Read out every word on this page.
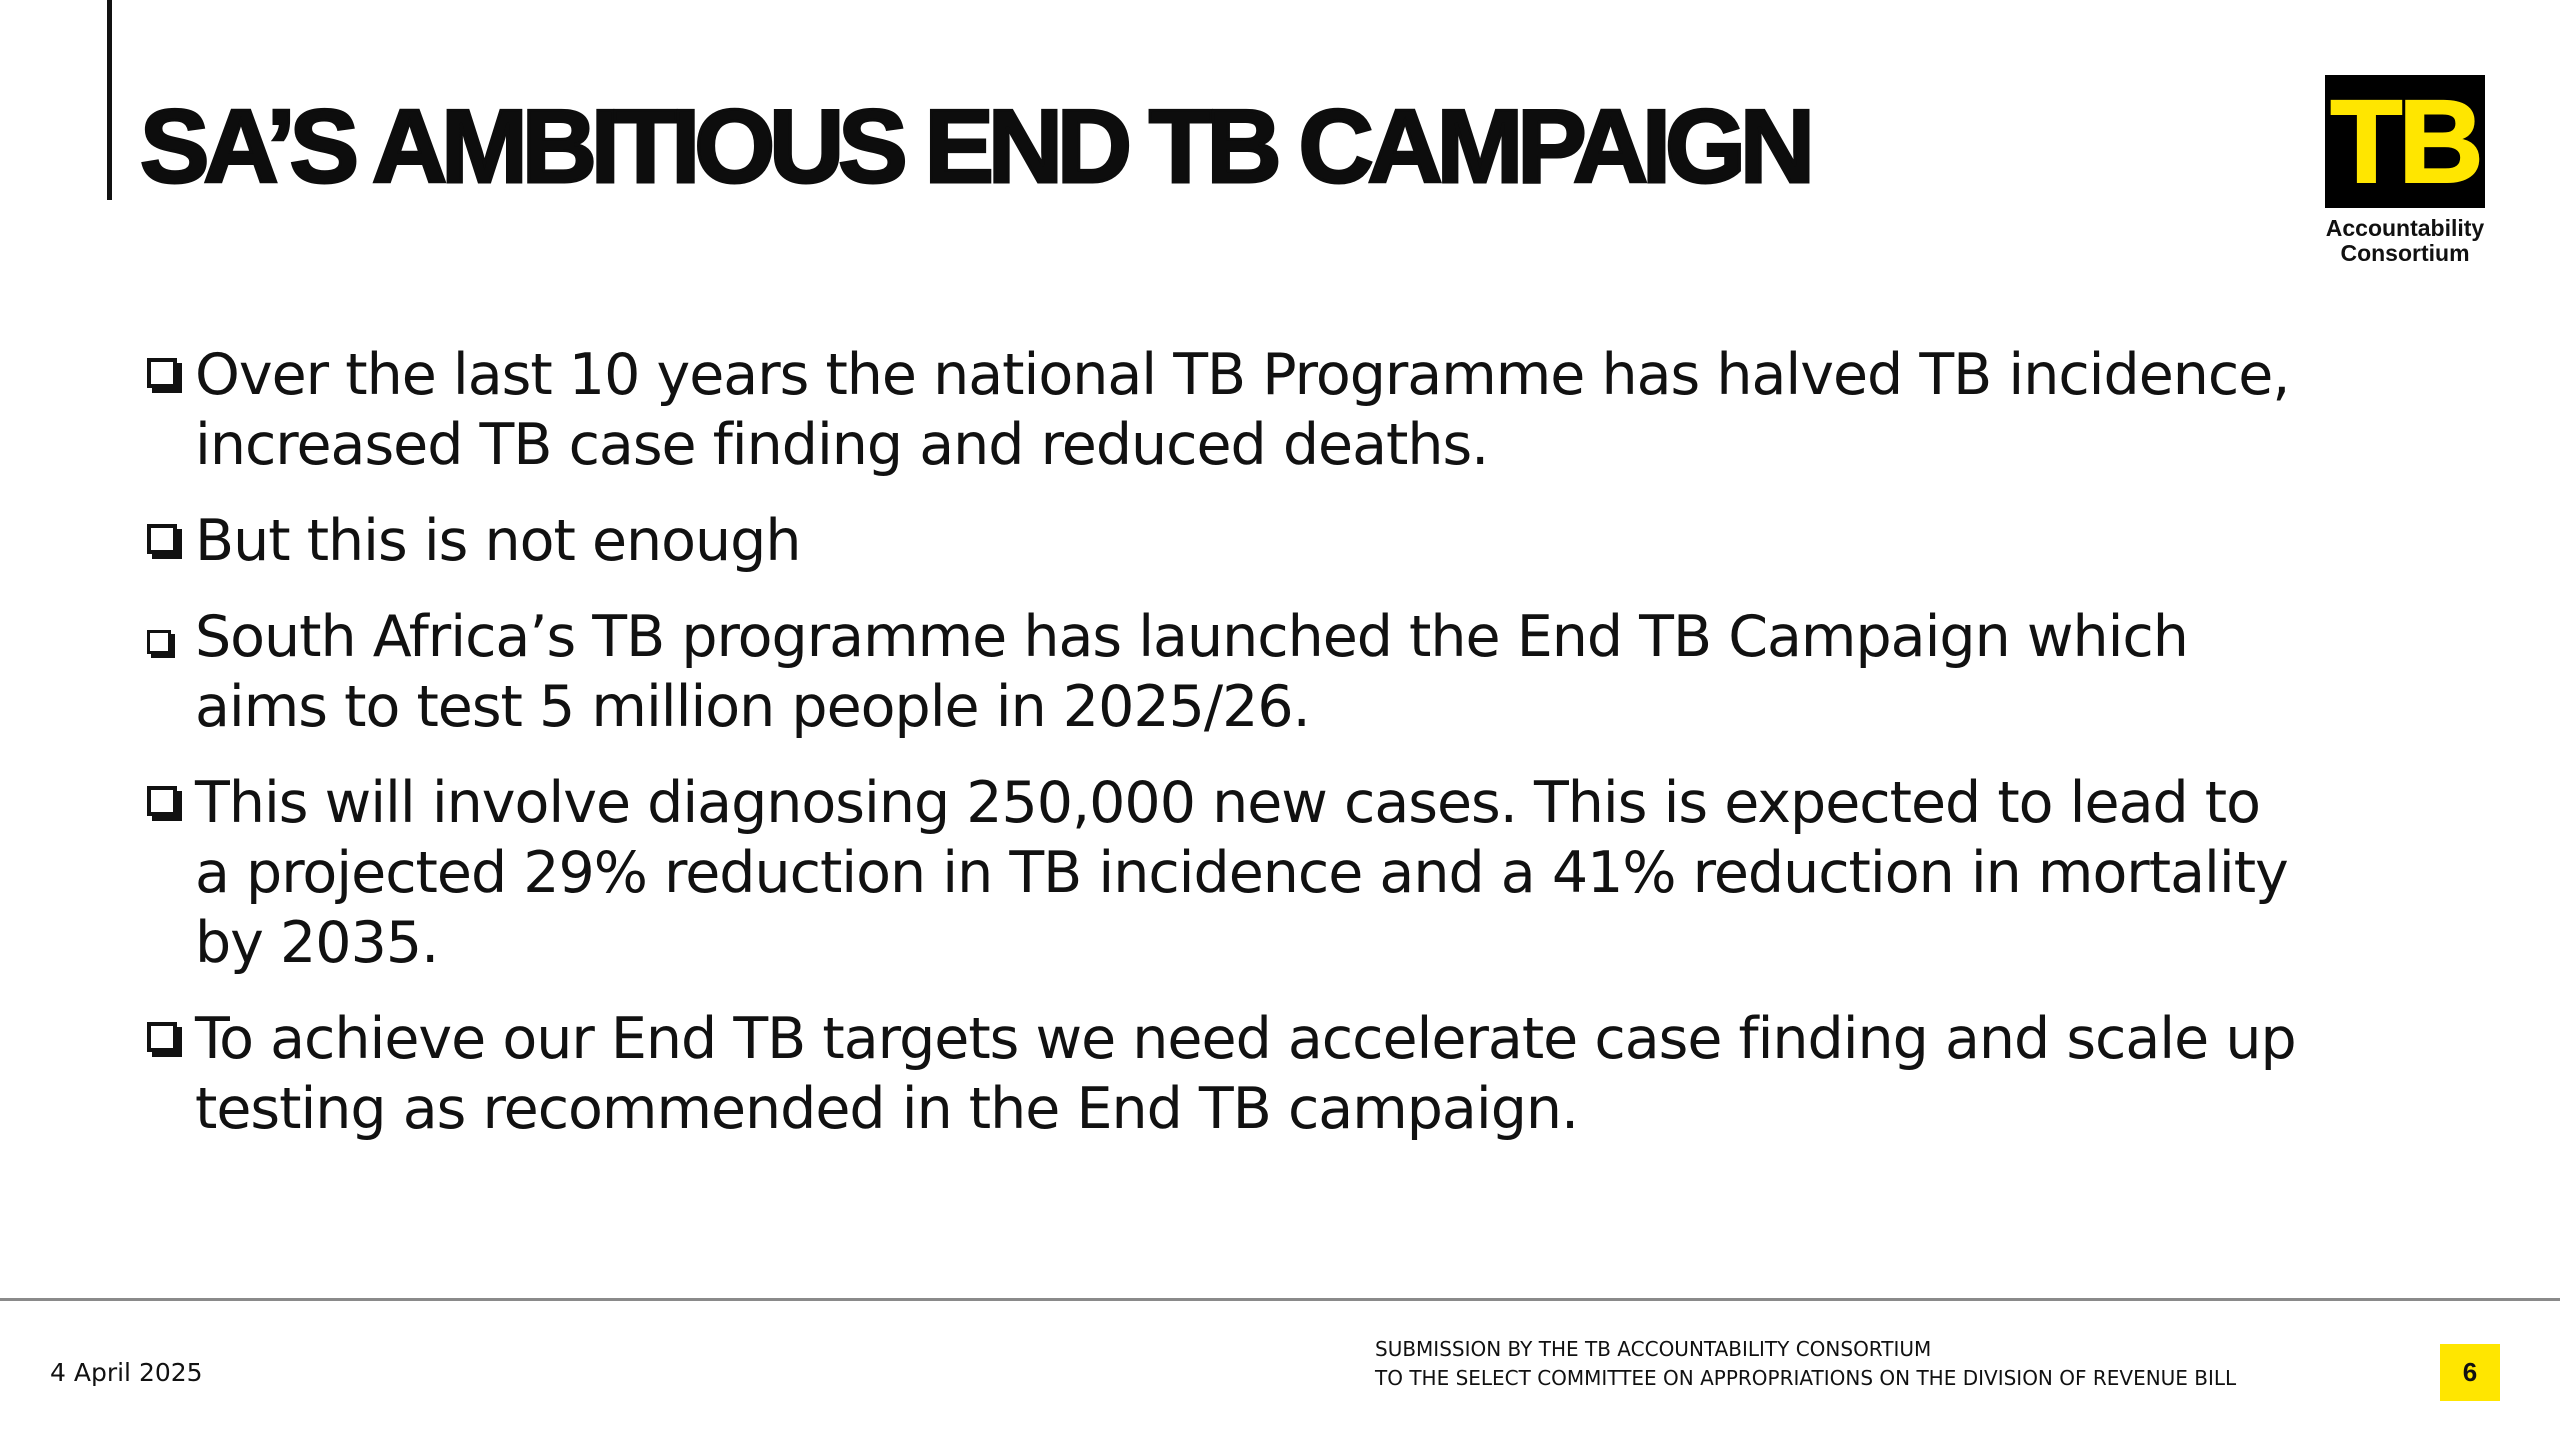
SA’S AMBITIOUS END TB CAMPAIGN	TB
Accountability
Consortium
Over the last 10 years the national TB Programme has halved TB incidence, increased TB case finding and reduced deaths.
But this is not enough
South Africa’s TB programme has launched the End TB Campaign which aims to test 5 million people in 2025/26.
This will involve diagnosing 250,000 new cases. This is expected to lead to a projected 29% reduction in TB incidence and a 41% reduction in mortality by 2035.
To achieve our End TB targets we need accelerate case finding and scale up testing as recommended in the End TB campaign.
4 April 2025
SUBMISSION BY THE TB ACCOUNTABILITY CONSORTIUM
TO THE SELECT COMMITTEE ON APPROPRIATIONS ON THE DIVISION OF REVENUE BILL	6
